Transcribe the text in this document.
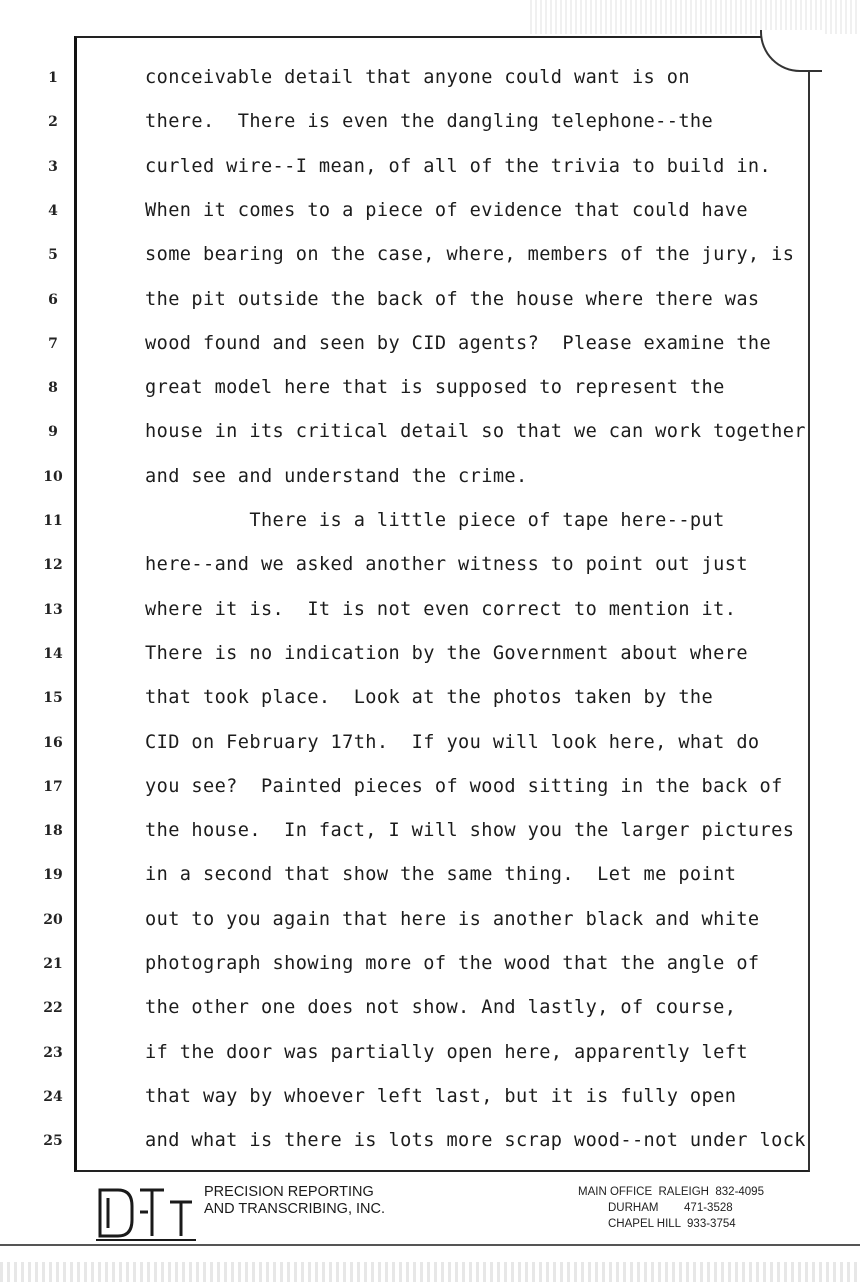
1	conceivable detail that anyone could want is on
2	there.  There is even the dangling telephone--the
3	curled wire--I mean, of all of the trivia to build in.
4	When it comes to a piece of evidence that could have
5	some bearing on the case, where, members of the jury, is
6	the pit outside the back of the house where there was
7	wood found and seen by CID agents?  Please examine the
8	great model here that is supposed to represent the
9	house in its critical detail so that we can work together
10	and see and understand the crime.
11	There is a little piece of tape here--put
12	here--and we asked another witness to point out just
13	where it is.  It is not even correct to mention it.
14	There is no indication by the Government about where
15	that took place.  Look at the photos taken by the
16	CID on February 17th.  If you will look here, what do
17	you see?  Painted pieces of wood sitting in the back of
18	the house.  In fact, I will show you the larger pictures
19	in a second that show the same thing.  Let me point
20	out to you again that here is another black and white
21	photograph showing more of the wood that the angle of
22	the other one does not show. And lastly, of course,
23	if the door was partially open here, apparently left
24	that way by whoever left last, but it is fully open
25	and what is there is lots more scrap wood--not under lock
PRECISION REPORTING
AND TRANSCRIBING, INC.
MAIN OFFICE  RALEIGH  832-4095
DURHAM        471-3528
CHAPEL HILL  933-3754
